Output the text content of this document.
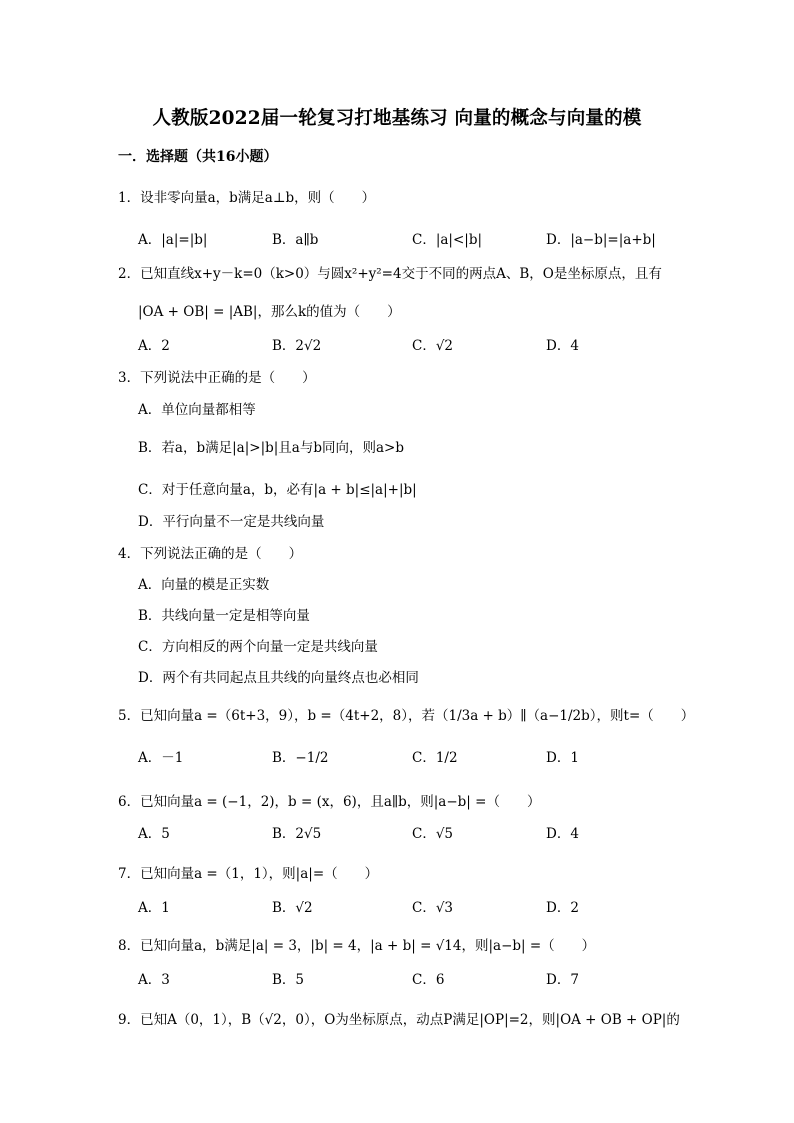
人教版2022届一轮复习打地基练习 向量的概念与向量的模
一．选择题（共16小题）
1．设非零向量a，b满足a⊥b，则（　　）
A．|a|=|b|	B．a∥b	C．|a|<|b|	D．|a−b|=|a+b|
2．已知直线x+y－k=0（k>0）与圆x²+y²=4交于不同的两点A、B，O是坐标原点，且有
|OA + OB| = |AB|，那么k的值为（　　）
A．2	B．2√2	C．√2	D．4
3．下列说法中正确的是（　　）
A．单位向量都相等
B．若a，b满足|a|>|b|且a与b同向，则a>b
C．对于任意向量a，b，必有|a + b|≤|a|+|b|
D．平行向量不一定是共线向量
4．下列说法正确的是（　　）
A．向量的模是正实数
B．共线向量一定是相等向量
C．方向相反的两个向量一定是共线向量
D．两个有共同起点且共线的向量终点也必相同
5．已知向量a =（6t+3，9），b =（4t+2，8），若（1/3a + b）∥（a−1/2b），则t=（　　）
A．－1	B．−1/2	C．1/2	D．1
6．已知向量a = (−1，2)，b = (x，6)，且a∥b，则|a−b| =（　　）
A．5	B．2√5	C．√5	D．4
7．已知向量a =（1，1），则|a|=（　　）
A．1	B．√2	C．√3	D．2
8．已知向量a，b满足|a| = 3，|b| = 4，|a + b| = √14，则|a−b| =（　　）
A．3	B．5	C．6	D．7
9．已知A（0，1），B（√2，0），O为坐标原点，动点P满足|OP|=2，则|OA + OB + OP|的
